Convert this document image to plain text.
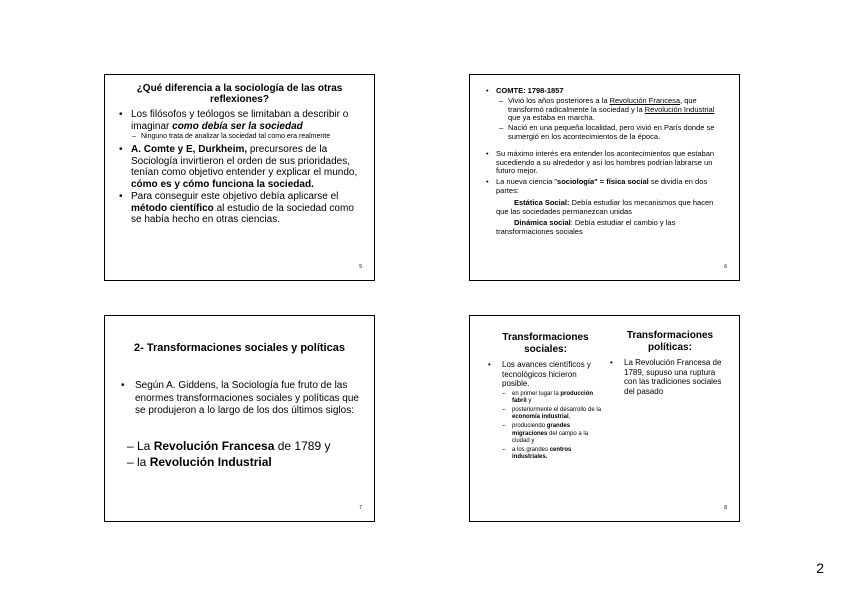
¿Qué diferencia a la sociología de las otras reflexiones?
• Los filósofos y teólogos se limitaban a describir o imaginar como debía ser la sociedad
– Ninguno trata de analizar la sociedad tal como era realmente
• A. Comte y E, Durkheim, precursores de la Sociología invirtieron el orden de sus prioridades, tenían como objetivo entender y explicar el mundo, cómo es y cómo funciona la sociedad.
• Para conseguir este objetivo debía aplicarse el método científico al estudio de la sociedad como se había hecho en otras ciencias.
5
• COMTE: 1798-1857
– Vivió los años posteriores a la Revolución Francesa, que transformó radicalmente la sociedad y la Revolución Industrial que ya estaba en marcha.
– Nació en una pequeña localidad, pero vivió en París donde se sumergió en los acontecimientos de la época.
• Su máximo interés era entender los acontecimientos que estaban sucediendo a su alrededor y así los hombres podrían labrarse un futuro mejor.
• La nueva ciencia "sociología" = física social se dividía en dos partes:
Estática Social: Debía estudiar los mecanismos que hacen que las sociedades permanezcan unidas
Dinámica social: Debía estudiar el cambio y las transformaciones sociales
6
2- Transformaciones sociales y políticas
• Según A. Giddens, la Sociología fue fruto de las enormes transformaciones sociales y políticas que se produjeron a lo largo de los dos últimos siglos:
– La Revolución Francesa de 1789 y
– la Revolución Industrial
7
Transformaciones sociales:
• Los avances científicos y tecnológicos hicieron posible.
– en primer lugar la producción fabril y
– posteriormente el desarrollo de la economía industrial,
– produciendo grandes migraciones del campo a la ciudad y
– a los grandes centros industriales.
Transformaciones políticas:
• La Revolución Francesa de 1789, supuso una ruptura con las tradiciones sociales del pasado
8
2
